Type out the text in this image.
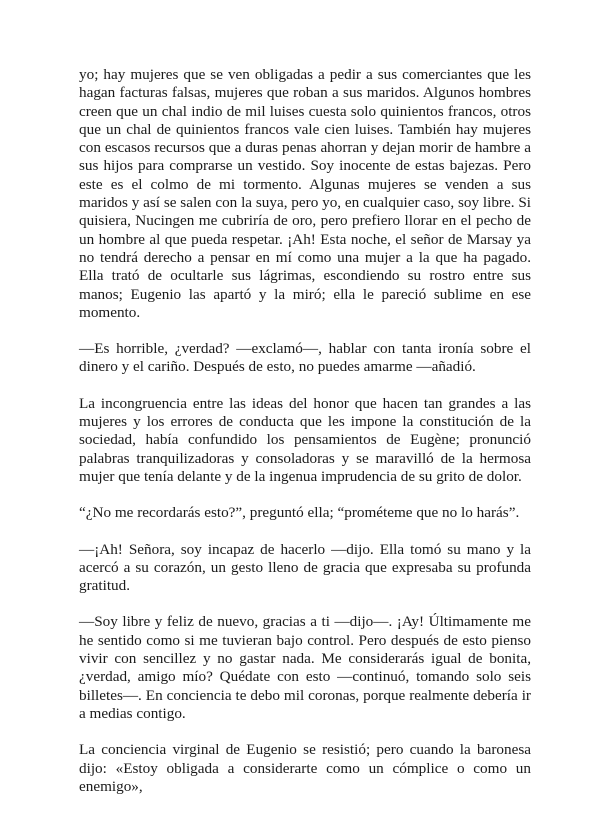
yo; hay mujeres que se ven obligadas a pedir a sus comerciantes que les hagan facturas falsas, mujeres que roban a sus maridos. Algunos hombres creen que un chal indio de mil luises cuesta solo quinientos francos, otros que un chal de quinientos francos vale cien luises. También hay mujeres con escasos recursos que a duras penas ahorran y dejan morir de hambre a sus hijos para comprarse un vestido. Soy inocente de estas bajezas. Pero este es el colmo de mi tormento. Algunas mujeres se venden a sus maridos y así se salen con la suya, pero yo, en cualquier caso, soy libre. Si quisiera, Nucingen me cubriría de oro, pero prefiero llorar en el pecho de un hombre al que pueda respetar. ¡Ah! Esta noche, el señor de Marsay ya no tendrá derecho a pensar en mí como una mujer a la que ha pagado. Ella trató de ocultarle sus lágrimas, escondiendo su rostro entre sus manos; Eugenio las apartó y la miró; ella le pareció sublime en ese momento.

—Es horrible, ¿verdad? —exclamó—, hablar con tanta ironía sobre el dinero y el cariño. Después de esto, no puedes amarme —añadió.

La incongruencia entre las ideas del honor que hacen tan grandes a las mujeres y los errores de conducta que les impone la constitución de la sociedad, había confundido los pensamientos de Eugène; pronunció palabras tranquilizadoras y consoladoras y se maravilló de la hermosa mujer que tenía delante y de la ingenua imprudencia de su grito de dolor.

“¿No me recordarás esto?”, preguntó ella; “prométeme que no lo harás”.

—¡Ah! Señora, soy incapaz de hacerlo —dijo. Ella tomó su mano y la acercó a su corazón, un gesto lleno de gracia que expresaba su profunda gratitud.

—Soy libre y feliz de nuevo, gracias a ti —dijo—. ¡Ay! Últimamente me he sentido como si me tuvieran bajo control. Pero después de esto pienso vivir con sencillez y no gastar nada. Me considerarás igual de bonita, ¿verdad, amigo mío? Quédate con esto —continuó, tomando solo seis billetes—. En conciencia te debo mil coronas, porque realmente debería ir a medias contigo.

La conciencia virginal de Eugenio se resistió; pero cuando la baronesa dijo: «Estoy obligada a considerarte como un cómplice o como un enemigo»,
